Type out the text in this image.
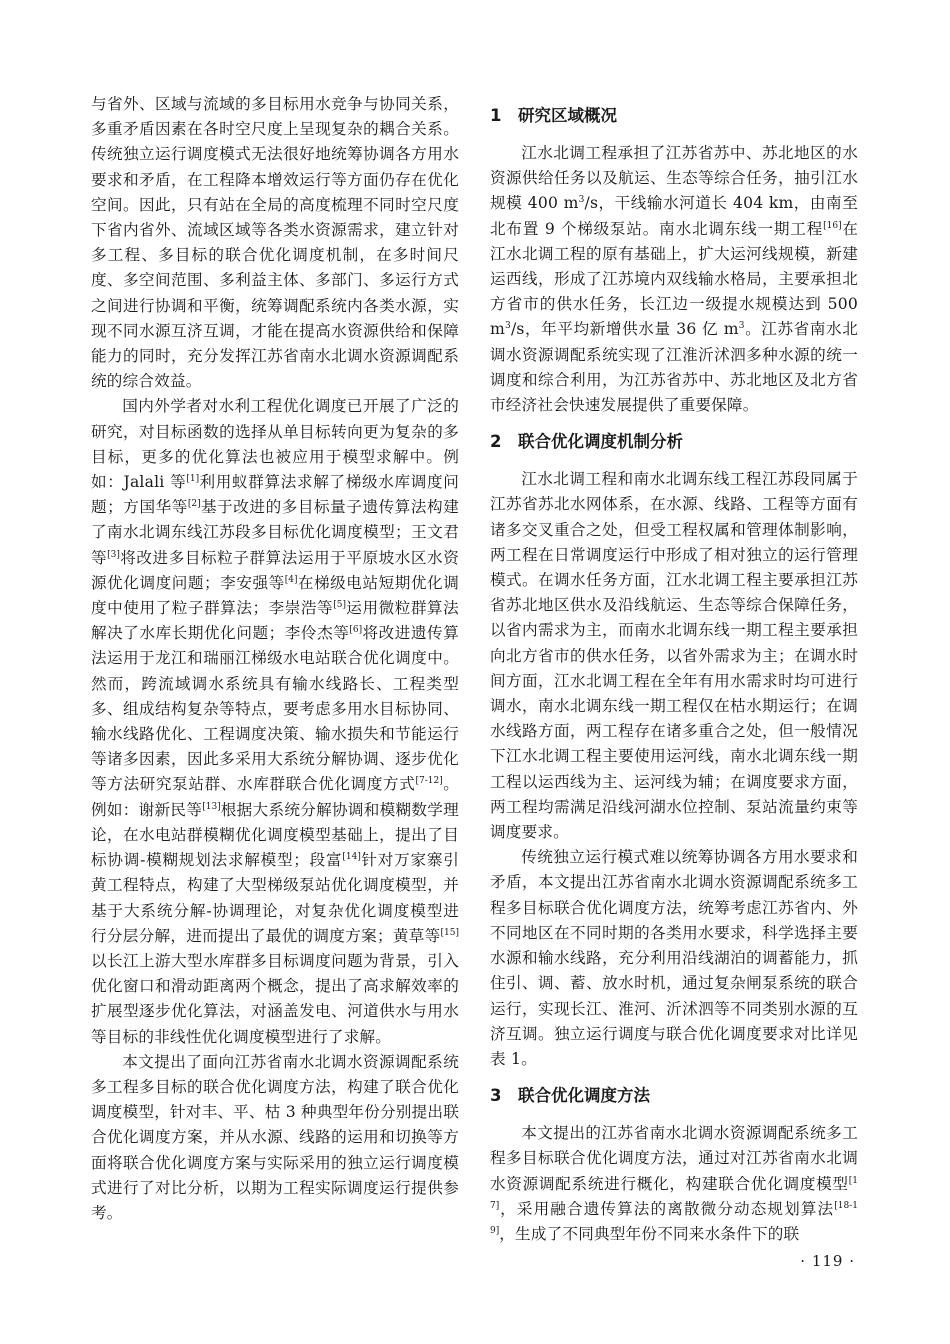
与省外、区域与流域的多目标用水竞争与协同关系，多重矛盾因素在各时空尺度上呈现复杂的耦合关系。传统独立运行调度模式无法很好地统筹协调各方用水要求和矛盾，在工程降本增效运行等方面仍存在优化空间。因此，只有站在全局的高度梳理不同时空尺度下省内省外、流域区域等各类水资源需求，建立针对多工程、多目标的联合优化调度机制，在多时间尺度、多空间范围、多利益主体、多部门、多运行方式之间进行协调和平衡，统筹调配系统内各类水源，实现不同水源互济互调，才能在提高水资源供给和保障能力的同时，充分发挥江苏省南水北调水资源调配系统的综合效益。

国内外学者对水利工程优化调度已开展了广泛的研究，对目标函数的选择从单目标转向更为复杂的多目标，更多的优化算法也被应用于模型求解中。例如：Jalali 等[1]利用蚁群算法求解了梯级水库调度问题；方国华等[2]基于改进的多目标量子遗传算法构建了南水北调东线江苏段多目标优化调度模型；王文君等[3]将改进多目标粒子群算法运用于平原坡水区水资源优化调度问题；李安强等[4]在梯级电站短期优化调度中使用了粒子群算法；李崇浩等[5]运用微粒群算法解决了水库长期优化问题；李伶杰等[6]将改进遗传算法运用于龙江和瑞丽江梯级水电站联合优化调度中。然而，跨流域调水系统具有输水线路长、工程类型多、组成结构复杂等特点，要考虑多用水目标协同、输水线路优化、工程调度决策、输水损失和节能运行等诸多因素，因此多采用大系统分解协调、逐步优化等方法研究泵站群、水库群联合优化调度方式[7-12]。例如：谢新民等[13]根据大系统分解协调和模糊数学理论，在水电站群模糊优化调度模型基础上，提出了目标协调-模糊规划法求解模型；段富[14]针对万家寨引黄工程特点，构建了大型梯级泵站优化调度模型，并基于大系统分解-协调理论，对复杂优化调度模型进行分层分解，进而提出了最优的调度方案；黄草等[15]以长江上游大型水库群多目标调度问题为背景，引入优化窗口和滑动距离两个概念，提出了高求解效率的扩展型逐步优化算法，对涵盖发电、河道供水与用水等目标的非线性优化调度模型进行了求解。

本文提出了面向江苏省南水北调水资源调配系统多工程多目标的联合优化调度方法，构建了联合优化调度模型，针对丰、平、枯 3 种典型年份分别提出联合优化调度方案，并从水源、线路的运用和切换等方面将联合优化调度方案与实际采用的独立运行调度模式进行了对比分析，以期为工程实际调度运行提供参考。

1	研究区域概况

江水北调工程承担了江苏省苏中、苏北地区的水资源供给任务以及航运、生态等综合任务，抽引江水规模 400 $m^3/s$，干线输水河道长 404 km，由南至北布置 9 个梯级泵站。南水北调东线一期工程[16]在江水北调工程的原有基础上，扩大运河线规模，新建运西线，形成了江苏境内双线输水格局，主要承担北方省市的供水任务，长江边一级提水规模达到 500 $m^3/s$，年平均新增供水量 36 亿 $m^3$。江苏省南水北调水资源调配系统实现了江淮沂沭泗多种水源的统一调度和综合利用，为江苏省苏中、苏北地区及北方省市经济社会快速发展提供了重要保障。

2	联合优化调度机制分析

江水北调工程和南水北调东线工程江苏段同属于江苏省苏北水网体系，在水源、线路、工程等方面有诸多交叉重合之处，但受工程权属和管理体制影响，两工程在日常调度运行中形成了相对独立的运行管理模式。在调水任务方面，江水北调工程主要承担江苏省苏北地区供水及沿线航运、生态等综合保障任务，以省内需求为主，而南水北调东线一期工程主要承担向北方省市的供水任务，以省外需求为主；在调水时间方面，江水北调工程在全年有用水需求时均可进行调水，南水北调东线一期工程仅在枯水期运行；在调水线路方面，两工程存在诸多重合之处，但一般情况下江水北调工程主要使用运河线，南水北调东线一期工程以运西线为主、运河线为辅；在调度要求方面，两工程均需满足沿线河湖水位控制、泵站流量约束等调度要求。

传统独立运行模式难以统筹协调各方用水要求和矛盾，本文提出江苏省南水北调水资源调配系统多工程多目标联合优化调度方法，统筹考虑江苏省内、外不同地区在不同时期的各类用水要求，科学选择主要水源和输水线路，充分利用沿线湖泊的调蓄能力，抓住引、调、蓄、放水时机，通过复杂闸泵系统的联合运行，实现长江、淮河、沂沭泗等不同类别水源的互济互调。独立运行调度与联合优化调度要求对比详见表 1。

3	联合优化调度方法

本文提出的江苏省南水北调水资源调配系统多工程多目标联合优化调度方法，通过对江苏省南水北调水资源调配系统进行概化，构建联合优化调度模型[17]，采用融合遗传算法的离散微分动态规划算法[18-19]，生成了不同典型年份不同来水条件下的联

· 119 ·
